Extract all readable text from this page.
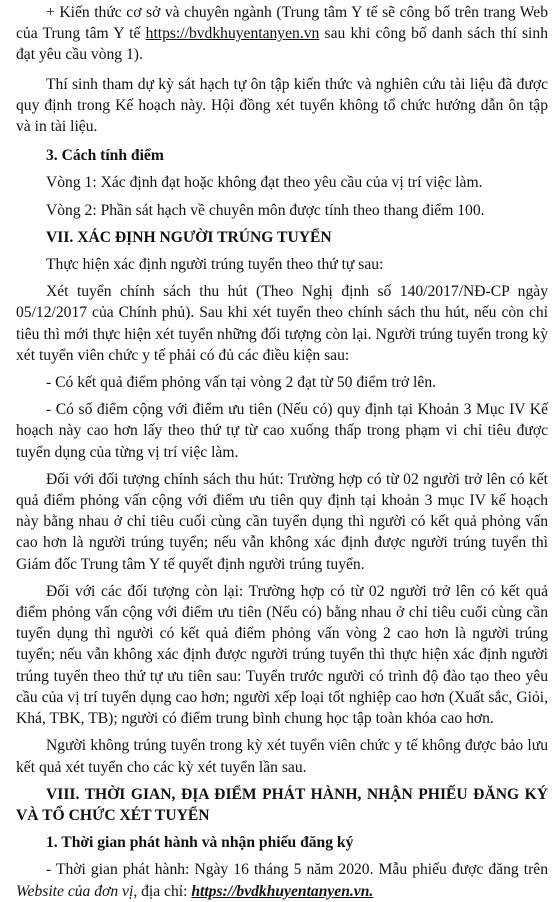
+ Kiến thức cơ sở và chuyên ngành (Trung tâm Y tế sẽ công bố trên trang Web của Trung tâm Y tế https://bvdkhuyentanyen.vn sau khi công bố danh sách thí sinh đạt yêu cầu vòng 1).

Thí sinh tham dự kỳ sát hạch tự ôn tập kiến thức và nghiên cứu tài liệu đã được quy định trong Kế hoạch này. Hội đồng xét tuyển không tổ chức hướng dẫn ôn tập và in tài liệu.

3. Cách tính điểm

Vòng 1: Xác định đạt hoặc không đạt theo yêu cầu của vị trí việc làm.

Vòng 2: Phần sát hạch về chuyên môn được tính theo thang điểm 100.

VII. XÁC ĐỊNH NGƯỜI TRÚNG TUYỂN

Thực hiện xác định người trúng tuyển theo thứ tự sau:

Xét tuyển chính sách thu hút (Theo Nghị định số 140/2017/NĐ-CP ngày 05/12/2017 của Chính phủ). Sau khi xét tuyển theo chính sách thu hút, nếu còn chỉ tiêu thì mới thực hiện xét tuyển những đối tượng còn lại. Người trúng tuyển trong kỳ xét tuyển viên chức y tế phải có đủ các điều kiện sau:

- Có kết quả điểm phỏng vấn tại vòng 2 đạt từ 50 điểm trở lên.

- Có số điểm cộng với điểm ưu tiên (Nếu có) quy định tại Khoản 3 Mục IV Kế hoạch này cao hơn lấy theo thứ tự từ cao xuống thấp trong phạm vi chỉ tiêu được tuyển dụng của từng vị trí việc làm.

Đối với đối tượng chính sách thu hút: Trường hợp có từ 02 người trở lên có kết quả điểm phỏng vấn cộng với điểm ưu tiên quy định tại khoản 3 mục IV kế hoạch này bằng nhau ở chỉ tiêu cuối cùng cần tuyển dụng thì người có kết quả phỏng vấn cao hơn là người trúng tuyển; nếu vẫn không xác định được người trúng tuyển thì Giám đốc Trung tâm Y tế quyết định người trúng tuyển.

Đối với các đối tượng còn lại: Trường hợp có từ 02 người trở lên có kết quả điểm phỏng vấn cộng với điểm ưu tiên (Nếu có) bằng nhau ở chỉ tiêu cuối cùng cần tuyển dụng thì người có kết quả điểm phỏng vấn vòng 2 cao hơn là người trúng tuyển; nếu vẫn không xác định được người trúng tuyển thì thực hiện xác định người trúng tuyển theo thứ tự ưu tiên sau: Tuyển trước người có trình độ đào tạo theo yêu cầu của vị trí tuyển dụng cao hơn; người xếp loại tốt nghiệp cao hơn (Xuất sắc, Giỏi, Khá, TBK, TB); người có điểm trung bình chung học tập toàn khóa cao hơn.

Người không trúng tuyển trong kỳ xét tuyển viên chức y tế không được bảo lưu kết quả xét tuyển cho các kỳ xét tuyển lần sau.

VIII. THỜI GIAN, ĐỊA ĐIỂM PHÁT HÀNH, NHẬN PHIẾU ĐĂNG KÝ VÀ TỔ CHỨC XÉT TUYỂN

1. Thời gian phát hành và nhận phiếu đăng ký

- Thời gian phát hành: Ngày 16 tháng 5 năm 2020. Mẫu phiếu được đăng trên Website của đơn vị, địa chỉ: https://bvdkhuyentanyen.vn.
